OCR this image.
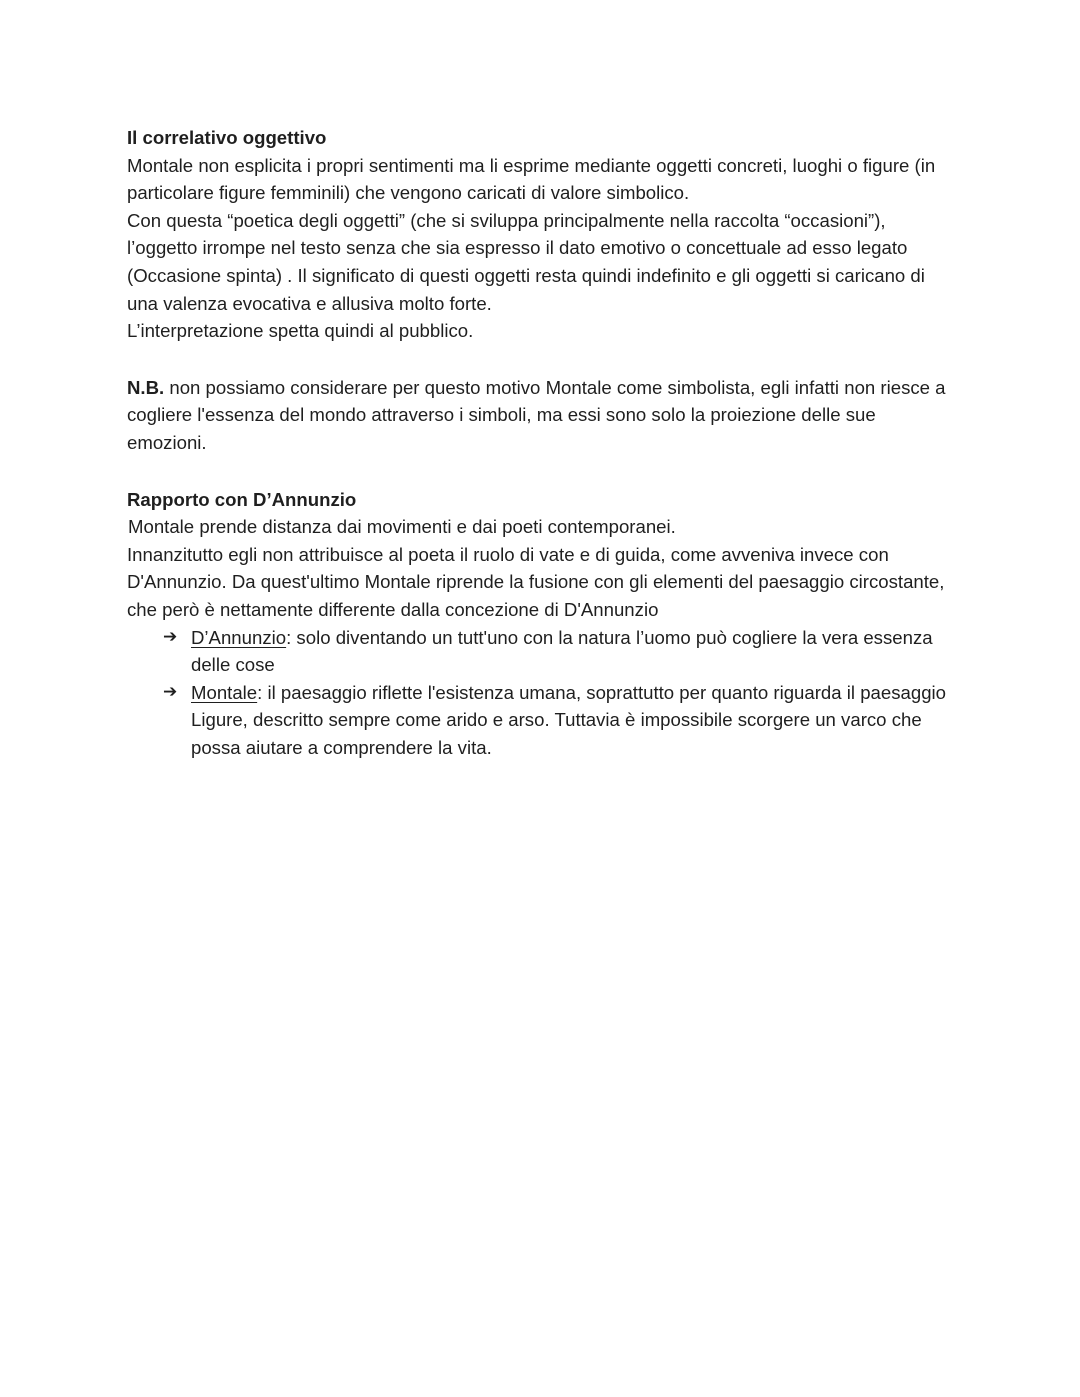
Il correlativo oggettivo

Montale non esplicita i propri sentimenti ma li esprime mediante oggetti concreti, luoghi o figure (in particolare figure femminili) che vengono caricati di valore simbolico.

Con questa “poetica degli oggetti” (che si sviluppa principalmente nella raccolta “occasioni”), l’oggetto irrompe nel testo senza che sia espresso il dato emotivo o concettuale ad esso legato (Occasione spinta) . Il significato di questi oggetti resta quindi indefinito e gli oggetti si caricano di una valenza evocativa e allusiva molto forte.

L’interpretazione spetta quindi al pubblico.

N.B. non possiamo considerare per questo motivo Montale come simbolista, egli infatti non riesce a cogliere l'essenza del mondo attraverso i simboli, ma essi sono solo la proiezione delle sue emozioni.

Rapporto con D’Annunzio

Montale prende distanza dai movimenti e dai poeti contemporanei.

Innanzitutto egli non attribuisce al poeta il ruolo di vate e di guida, come avveniva invece con D'Annunzio. Da quest'ultimo Montale riprende la fusione con gli elementi del paesaggio circostante, che però è nettamente differente dalla concezione di D'Annunzio

➔ D’Annunzio: solo diventando un tutt'uno con la natura l’uomo può cogliere la vera essenza delle cose
➔ Montale: il paesaggio riflette l'esistenza umana, soprattutto per quanto riguarda il paesaggio Ligure, descritto sempre come arido e arso. Tuttavia è impossibile scorgere un varco che possa aiutare a comprendere la vita.
